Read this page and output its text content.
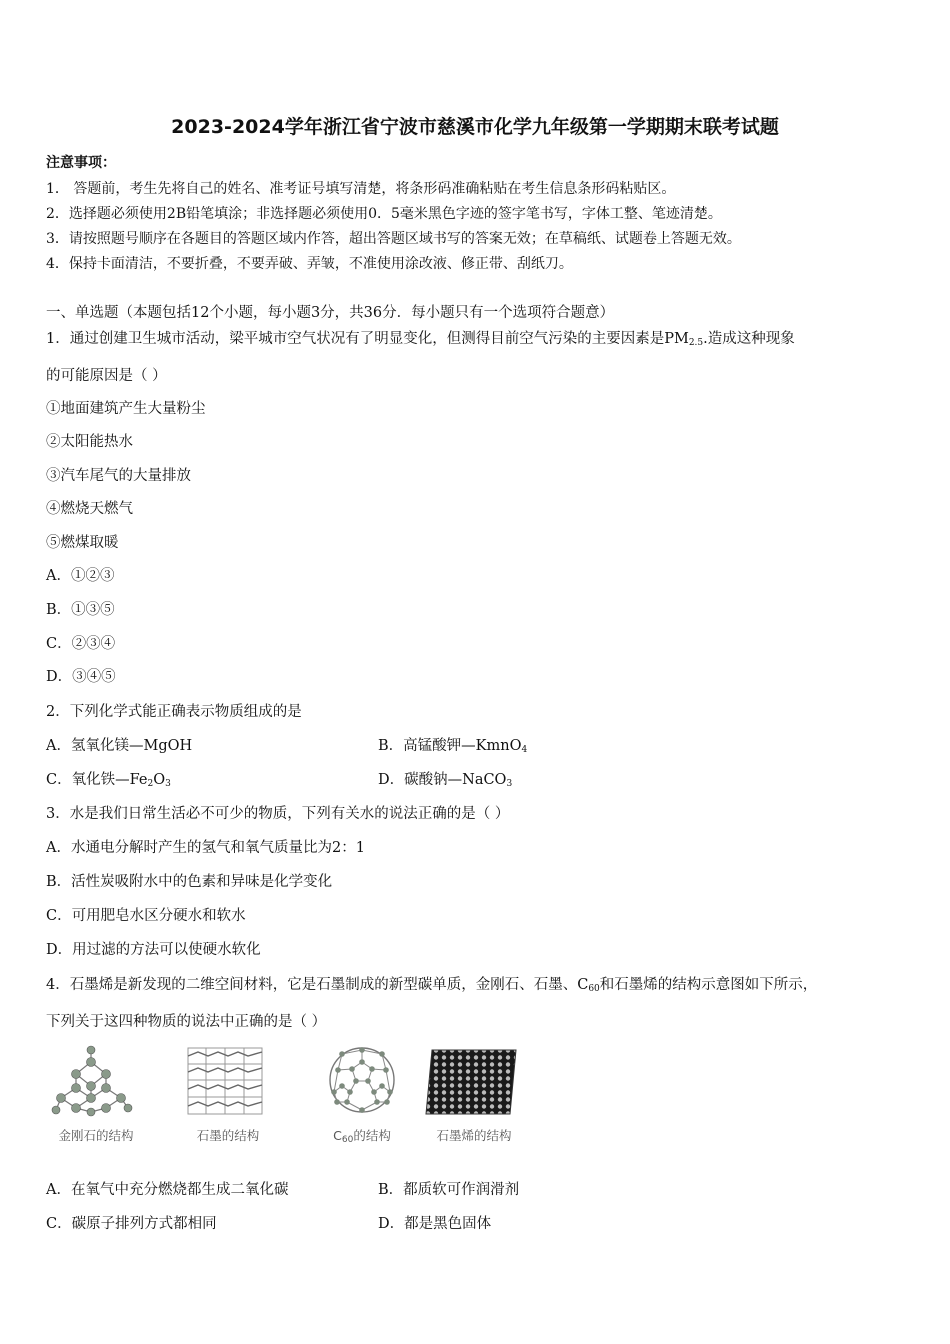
2023-2024学年浙江省宁波市慈溪市化学九年级第一学期期末联考试题
注意事项：
1． 答题前，考生先将自己的姓名、准考证号填写清楚，将条形码准确粘贴在考生信息条形码粘贴区。
2．选择题必须使用2B铅笔填涂；非选择题必须使用0．5毫米黑色字迹的签字笔书写，字体工整、笔迹清楚。
3．请按照题号顺序在各题目的答题区域内作答，超出答题区域书写的答案无效；在草稿纸、试题卷上答题无效。
4．保持卡面清洁，不要折叠，不要弄破、弄皱，不准使用涂改液、修正带、刮纸刀。
一、单选题（本题包括12个小题，每小题3分，共36分．每小题只有一个选项符合题意）
1．通过创建卫生城市活动，梁平城市空气状况有了明显变化，但测得目前空气污染的主要因素是$PM_{2.5}$.造成这种现象
的可能原因是（ ）
①地面建筑产生大量粉尘
②太阳能热水
③汽车尾气的大量排放
④燃烧天燃气
⑤燃煤取暖
A．①②③
B．①③⑤
C．②③④
D．③④⑤
2．下列化学式能正确表示物质组成的是
A．氢氧化镁—MgOH	B．高锰酸钾—KmnO$_4$
C．氧化铁$—Fe_2O_3$	D．碳酸钠—NaCO$_3$
3．水是我们日常生活必不可少的物质，下列有关水的说法正确的是（ ）
A．水通电分解时产生的氢气和氧气质量比为2：1
B．活性炭吸附水中的色素和异味是化学变化
C．可用肥皂水区分硬水和软水
D．用过滤的方法可以使硬水软化
4．石墨烯是新发现的二维空间材料，它是石墨制成的新型碳单质，金刚石、石墨、$C_{60}$和石墨烯的结构示意图如下所示，
下列关于这四种物质的说法中正确的是（ ）
金刚石的结构	石墨的结构	$C_{60}$的结构	石墨烯的结构
A．在氧气中充分燃烧都生成二氧化碳	B．都质软可作润滑剂
C．碳原子排列方式都相同	D．都是黑色固体
